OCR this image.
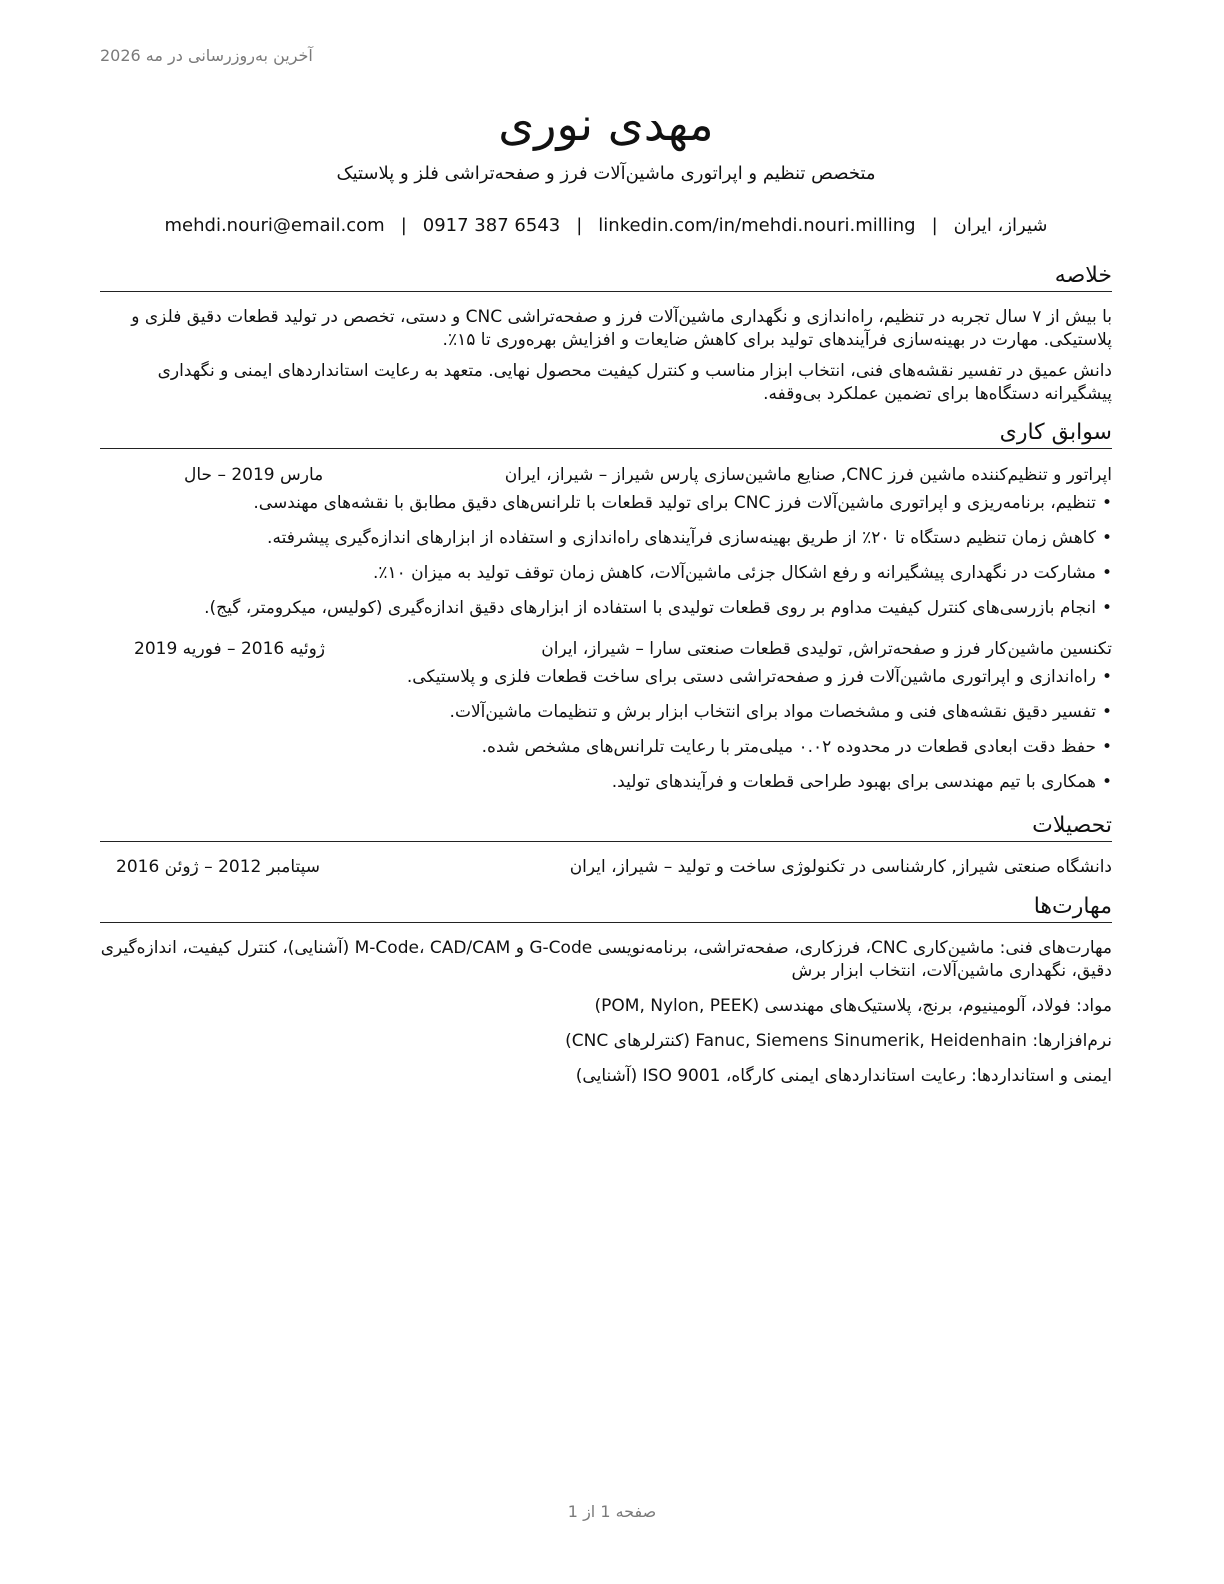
آخرین به‌روزرسانی در مه 2026
مهدی نوری
متخصص تنظیم و اپراتوری ماشین‌آلات فرز و صفحه‌تراشی فلز و پلاستیک
شیراز، ایران|mehdi.nouri@email.com | 0917 387 6543 | linkedin.com/in/mehdi.nouri.milling
خلاصه

با بیش از ۷ سال تجربه در تنظیم، راه‌اندازی و نگهداری ماشین‌آلات فرز و صفحه‌تراشی CNC و دستی، تخصص در تولید قطعات دقیق فلزی و پلاستیکی. مهارت در بهینه‌سازی فرآیندهای تولید برای کاهش ضایعات و افزایش بهره‌وری تا ۱۵٪.

دانش عمیق در تفسیر نقشه‌های فنی، انتخاب ابزار مناسب و کنترل کیفیت محصول نهایی. متعهد به رعایت استانداردهای ایمنی و نگهداری پیشگیرانه دستگاه‌ها برای تضمین عملکرد بی‌وقفه.

سوابق کاری
اپراتور و تنظیم‌کننده ماشین فرز CNC, صنایع ماشین‌سازی پارس شیراز – شیراز، ایران
مارس 2019 – حال
•تنظیم، برنامه‌ریزی و اپراتوری ماشین‌آلات فرز CNC برای تولید قطعات با تلرانس‌های دقیق مطابق با نقشه‌های مهندسی.
•کاهش زمان تنظیم دستگاه تا ۲۰٪ از طریق بهینه‌سازی فرآیندهای راه‌اندازی و استفاده از ابزارهای اندازه‌گیری پیشرفته.
•مشارکت در نگهداری پیشگیرانه و رفع اشکال جزئی ماشین‌آلات، کاهش زمان توقف تولید به میزان ۱۰٪.
•انجام بازرسی‌های کنترل کیفیت مداوم بر روی قطعات تولیدی با استفاده از ابزارهای دقیق اندازه‌گیری (کولیس، میکرومتر، گیج).
تکنسین ماشین‌کار فرز و صفحه‌تراش, تولیدی قطعات صنعتی سارا – شیراز، ایران
ژوئیه 2016 – فوریه 2019
•راه‌اندازی و اپراتوری ماشین‌آلات فرز و صفحه‌تراشی دستی برای ساخت قطعات فلزی و پلاستیکی.
•تفسیر دقیق نقشه‌های فنی و مشخصات مواد برای انتخاب ابزار برش و تنظیمات ماشین‌آلات.
•حفظ دقت ابعادی قطعات در محدوده ۰.۰۲ میلی‌متر با رعایت تلرانس‌های مشخص شده.
•همکاری با تیم مهندسی برای بهبود طراحی قطعات و فرآیندهای تولید.
تحصیلات
دانشگاه صنعتی شیراز, کارشناسی در تکنولوژی ساخت و تولید – شیراز، ایران
سپتامبر 2012 – ژوئن 2016
مهارت‌ها

مهارت‌های فنی: ماشین‌کاری CNC، فرزکاری، صفحه‌تراشی، برنامه‌نویسی G-Code و M-Code، CAD/CAM (آشنایی)، کنترل کیفیت، اندازه‌گیری دقیق، نگهداری ماشین‌آلات، انتخاب ابزار برش

مواد: فولاد، آلومینیوم، برنج، پلاستیک‌های مهندسی (POM, Nylon, PEEK)

نرم‌افزارها: Fanuc, Siemens Sinumerik, Heidenhain (کنترلرهای CNC)

ایمنی و استانداردها: رعایت استانداردهای ایمنی کارگاه، ISO 9001 (آشنایی)

صفحه 1 از 1
